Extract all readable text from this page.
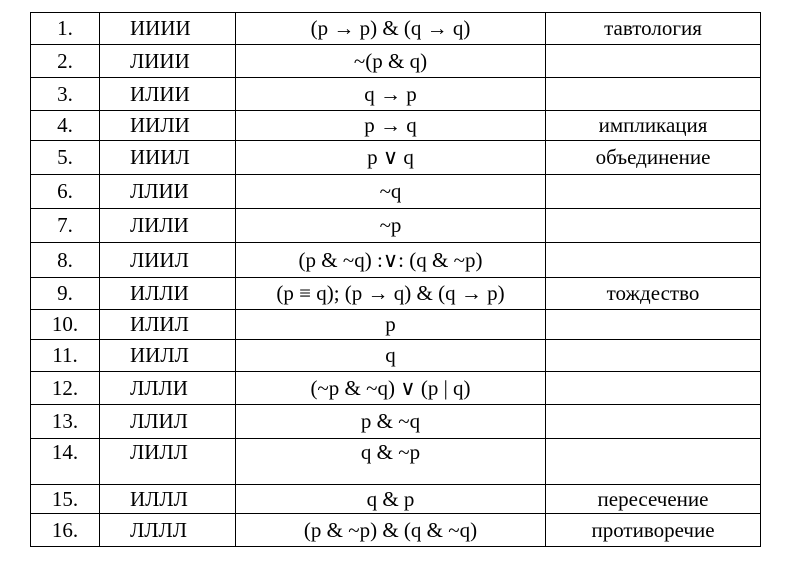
1.	ИИИИ	(p → p) & (q → q)	тавтология
2.	ЛИИИ	~(p & q)	
3.	ИЛИИ	q → p	
4.	ИИЛИ	p → q	импликация
5.	ИИИЛ	p ∨ q	объединение
6.	ЛЛИИ	~q	
7.	ЛИЛИ	~p	
8.	ЛИИЛ	(p & ~q) :∨: (q & ~p)	
9.	ИЛЛИ	(p ≡ q); (p → q) & (q → p)	тождество
10.	ИЛИЛ	p	
11.	ИИЛЛ	q	
12.	ЛЛЛИ	(~p & ~q) ∨ (p | q)	
13.	ЛЛИЛ	p & ~q	
14.	ЛИЛЛ	q & ~p	
15.	ИЛЛЛ	q & p	пересечение
16.	ЛЛЛЛ	(p & ~p) & (q & ~q)	противоречие
